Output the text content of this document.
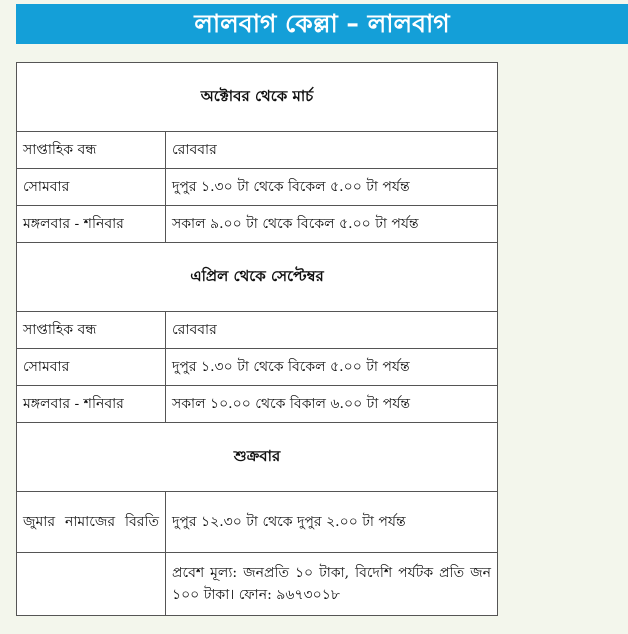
লালবাগ কেল্লা – লালবাগ
অক্টোবর থেকে মার্চ	
সাপ্তাহিক বন্ধ	রোববার
সোমবার	দুপুর ১.৩০ টা থেকে বিকেল ৫.০০ টা পর্যন্ত
মঙ্গলবার - শনিবার	সকাল ৯.০০ টা থেকে বিকেল ৫.০০ টা পর্যন্ত
এপ্রিল থেকে সেপ্টেম্বর	
সাপ্তাহিক বন্ধ	রোববার
সোমবার	দুপুর ১.৩০ টা থেকে বিকেল ৫.০০ টা পর্যন্ত
মঙ্গলবার - শনিবার	সকাল ১০.০০ থেকে বিকাল ৬.০০ টা পর্যন্ত
শুক্রবার	
জুমার নামাজের বিরতি	দুপুর ১২.৩০ টা থেকে দুপুর ২.০০ টা পর্যন্ত

	প্রবেশ মূল্য: জনপ্রতি ১০ টাকা, বিদেশি পর্যটক প্রতি জন ১০০ টাকা। ফোন: ৯৬৭৩০১৮
